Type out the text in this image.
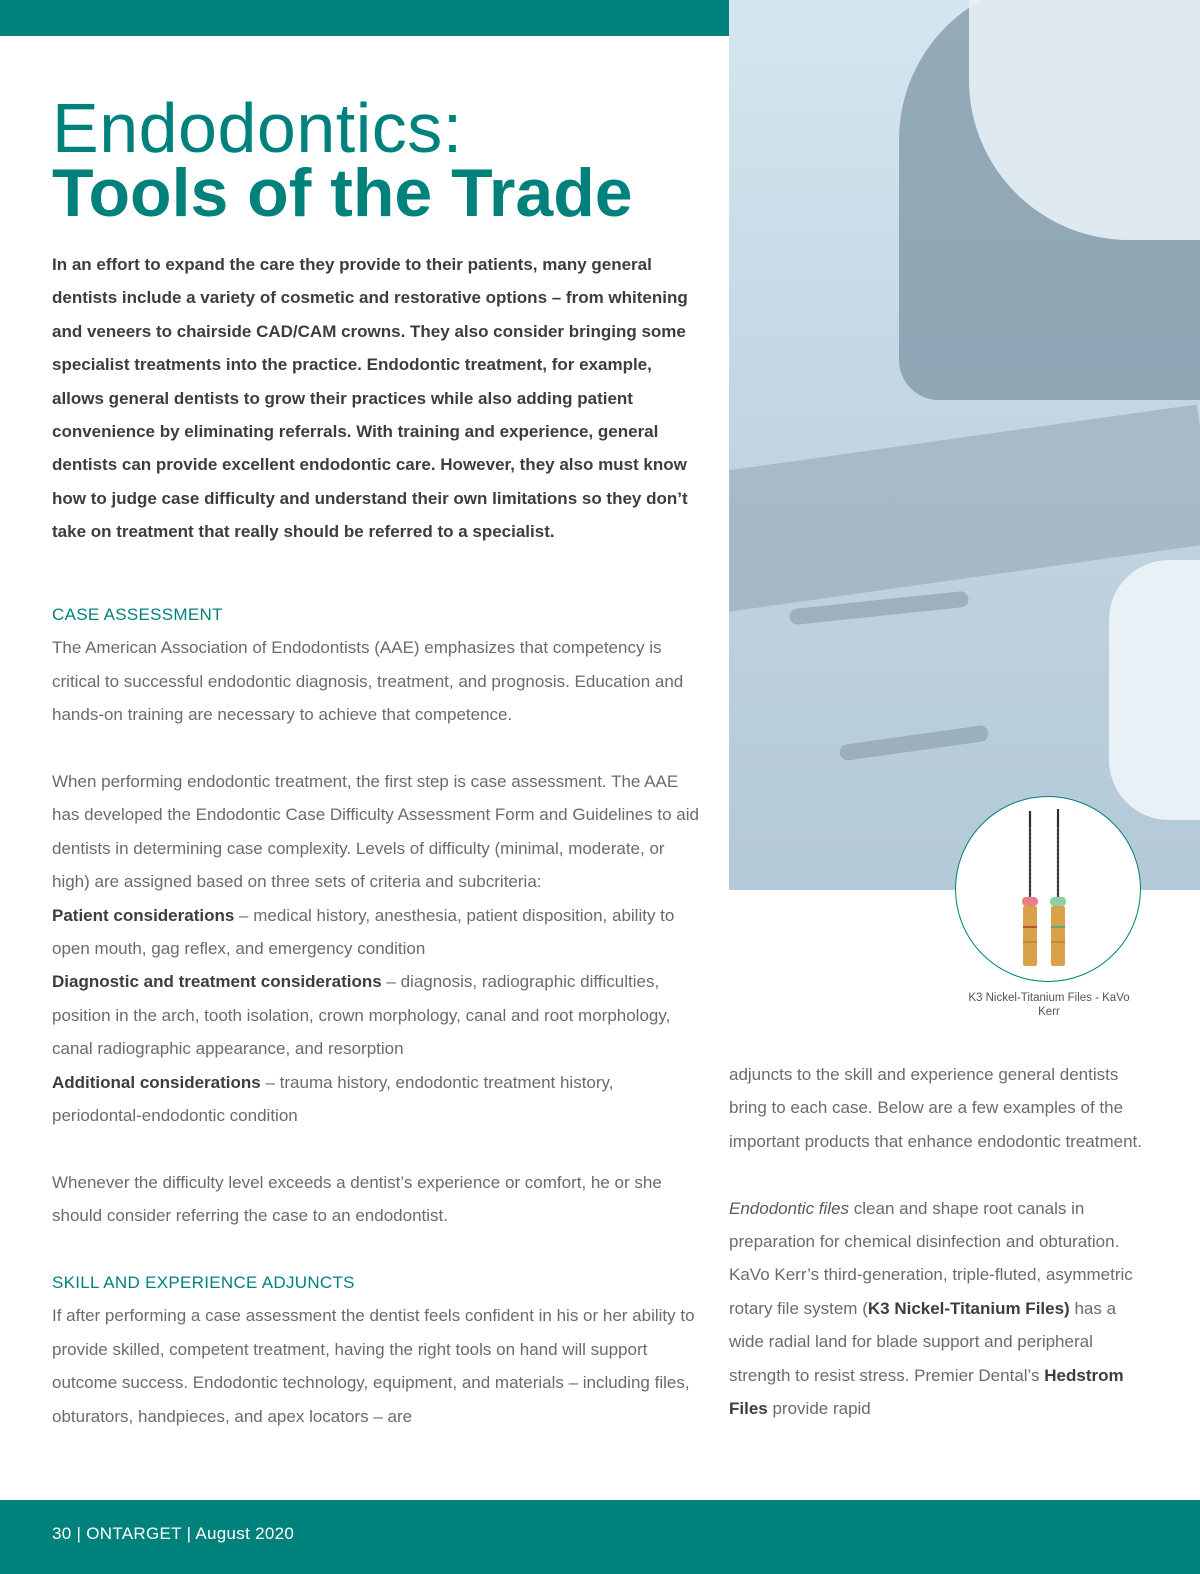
K3 Nickel-Titanium Files - KaVo Kerr
Endodontics:
Tools of the Trade
In an effort to expand the care they provide to their patients, many general dentists include a variety of cosmetic and restorative options – from whitening and veneers to chairside CAD/CAM crowns. They also consider bringing some specialist treatments into the practice. Endodontic treatment, for example, allows general dentists to grow their practices while also adding patient convenience by eliminating referrals. With training and experience, general dentists can provide excellent endodontic care. However, they also must know how to judge case difficulty and understand their own limitations so they don’t take on treatment that really should be referred to a specialist.

CASE ASSESSMENT

The American Association of Endodontists (AAE) emphasizes that competency is critical to successful endodontic diagnosis, treatment, and prognosis. Education and hands-on training are necessary to achieve that competence.

When performing endodontic treatment, the first step is case assessment. The AAE has developed the Endodontic Case Difficulty Assessment Form and Guidelines to aid dentists in determining case complexity. Levels of difficulty (minimal, moderate, or high) are assigned based on three sets of criteria and subcriteria:

Patient considerations – medical history, anesthesia, patient disposition, ability to open mouth, gag reflex, and emergency condition

Diagnostic and treatment considerations – diagnosis, radiographic difficulties, position in the arch, tooth isolation, crown morphology, canal and root morphology, canal radiographic appearance, and resorption

Additional considerations – trauma history, endodontic treatment history, periodontal-endodontic condition

Whenever the difficulty level exceeds a dentist’s experience or comfort, he or she should consider referring the case to an endodontist.

SKILL AND EXPERIENCE ADJUNCTS

If after performing a case assessment the dentist feels confident in his or her ability to provide skilled, competent treatment, having the right tools on hand will support outcome success. Endodontic technology, equipment, and materials – including files, obturators, handpieces, and apex locators – are

adjuncts to the skill and experience general dentists bring to each case. Below are a few examples of the important products that enhance endodontic treatment.

Endodontic files clean and shape root canals in preparation for chemical disinfection and obturation. KaVo Kerr’s third-generation, triple-fluted, asymmetric rotary file system (K3 Nickel-Titanium Files) has a wide radial land for blade support and peripheral strength to resist stress. Premier Dental’s Hedstrom Files provide rapid

30 | ONTARGET | August 2020
